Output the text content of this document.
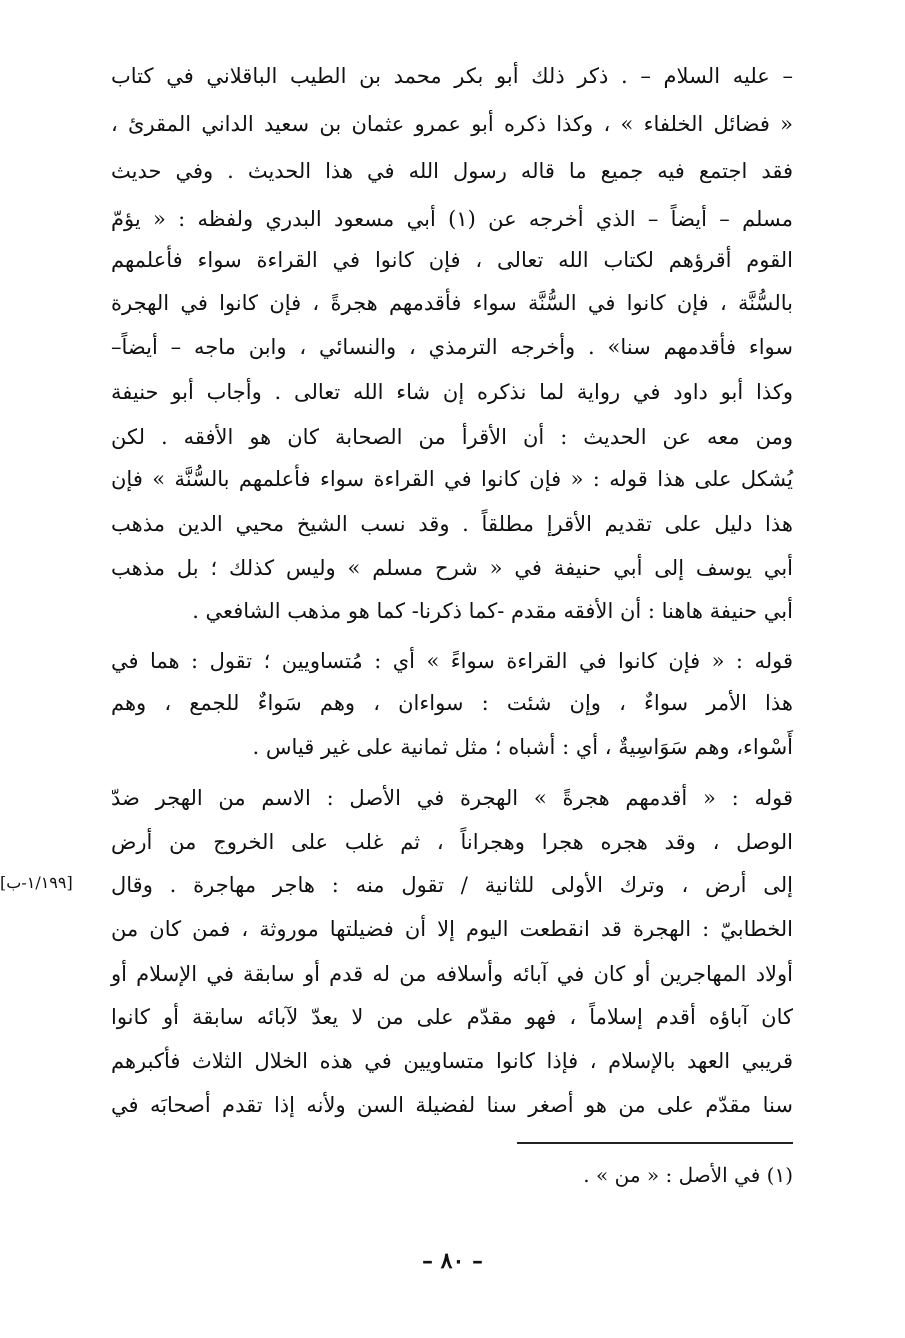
– عليه السلام – . ذكر ذلك أبو بكر محمد بن الطيب الباقلاني في كتاب
« فضائل الخلفاء » ، وكذا ذكره أبو عمرو عثمان بن سعيد الداني المقرئ ،
فقد اجتمع فيه جميع ما قاله رسول الله في هذا الحديث . وفي حديث
مسلم – أيضاً – الذي أخرجه عن (١) أبي مسعود البدري ولفظه : « يؤمّ
القوم أقرؤهم لكتاب الله تعالى ، فإن كانوا في القراءة سواء فأعلمهم
بالسُّنَّة ، فإن كانوا في السُّنَّة سواء فأقدمهم هجرةً ، فإن كانوا في الهجرة
سواء فأقدمهم سنا» . وأخرجه الترمذي ، والنسائي ، وابن ماجه – أيضاً–
وكذا أبو داود في رواية لما نذكره إن شاء الله تعالى . وأجاب أبو حنيفة
ومن معه عن الحديث : أن الأقرأ من الصحابة كان هو الأفقه . لكن
يُشكل على هذا قوله : « فإن كانوا في القراءة سواء فأعلمهم بالسُّنَّة » فإن
هذا دليل على تقديم الأقرإ مطلقاً . وقد نسب الشيخ محيي الدين مذهب
أبي يوسف إلى أبي حنيفة في « شرح مسلم » وليس كذلك ؛ بل مذهب
أبي حنيفة هاهنا : أن الأفقه مقدم -كما ذكرنا- كما هو مذهب الشافعي .
قوله : « فإن كانوا في القراءة سواءً » أي : مُتساويين ؛ تقول : هما في
هذا الأمر سواءٌ ، وإن شئت : سواءان ، وهم سَواءٌ للجمع ، وهم
أَسْواء، وهم سَوَاسِيةٌ ، أي : أشباه ؛ مثل ثمانية على غير قياس .
قوله : « أقدمهم هجرةً » الهجرة في الأصل : الاسم من الهجر ضدّ
الوصل ، وقد هجره هجرا وهجراناً ، ثم غلب على الخروج من أرض
إلى أرض ، وترك الأولى للثانية / تقول منه : هاجر مهاجرة . وقال
الخطابيّ : الهجرة قد انقطعت اليوم إلا أن فضيلتها موروثة ، فمن كان من
أولاد المهاجرين أو كان في آبائه وأسلافه من له قدم أو سابقة في الإسلام أو
كان آباؤه أقدم إسلاماً ، فهو مقدّم على من لا يعدّ لآبائه سابقة أو كانوا
قريبي العهد بالإسلام ، فإذا كانوا متساويين في هذه الخلال الثلاث فأكبرهم
سنا مقدّم على من هو أصغر سنا لفضيلة السن ولأنه إذا تقدم أصحابَه في
[١/١٩٩-ب]
(١) في الأصل : « من » .
– ٨٠ –
